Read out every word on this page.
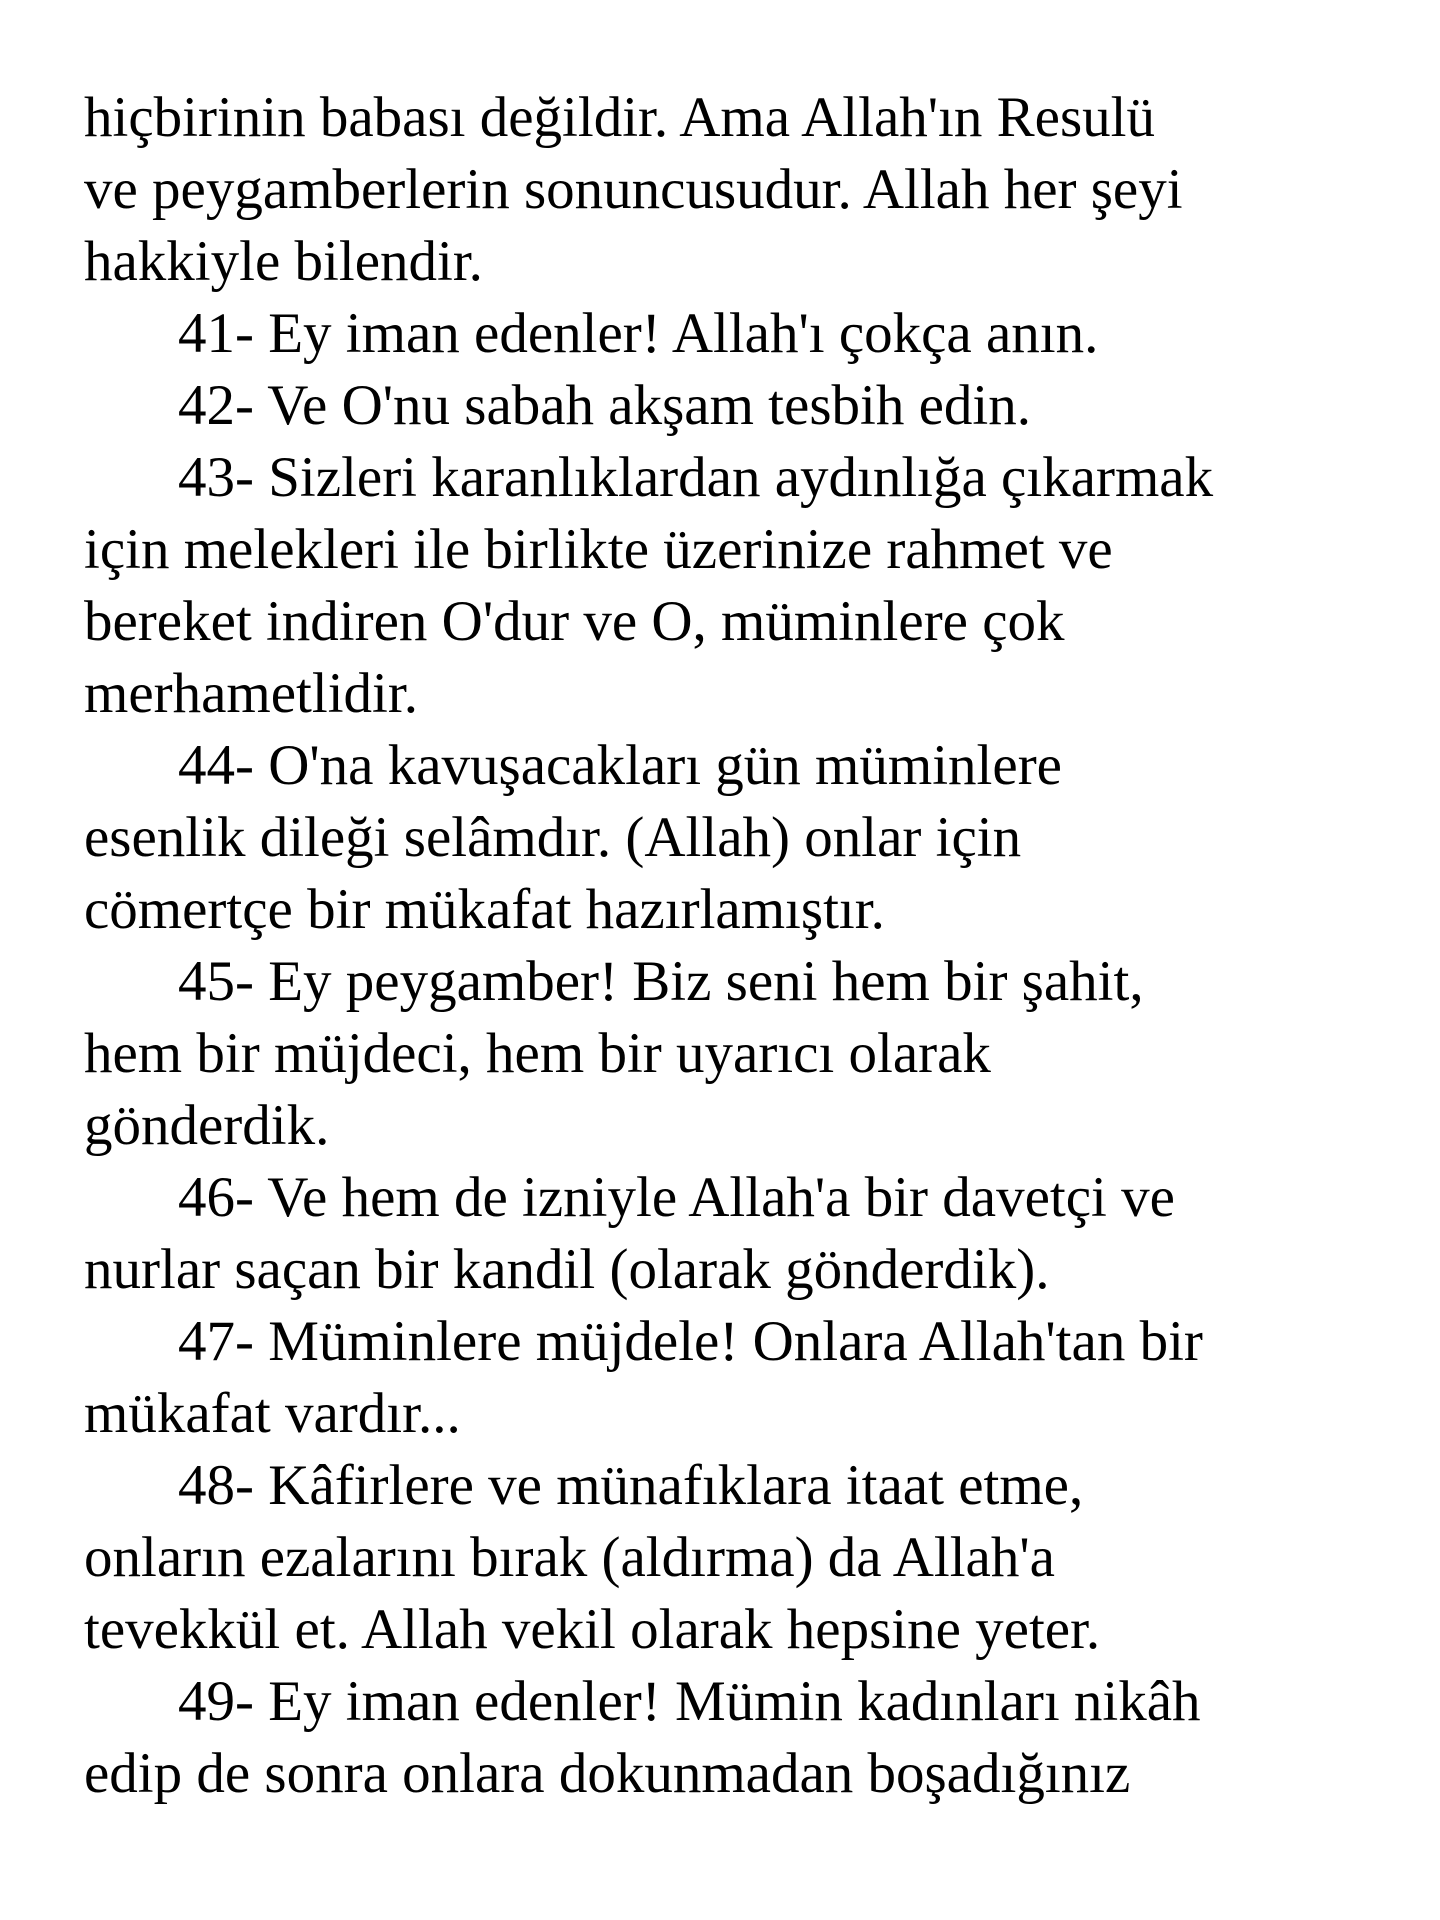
hiçbirinin babası değildir. Ama Allah'ın Resulü
ve peygamberlerin sonuncusudur. Allah her şeyi
hakkiyle bilendir.
41- Ey iman edenler! Allah'ı çokça anın.
42- Ve O'nu sabah akşam tesbih edin.
43- Sizleri karanlıklardan aydınlığa çıkarmak
için melekleri ile birlikte üzerinize rahmet ve
bereket indiren O'dur ve O, müminlere çok
merhametlidir.
44- O'na kavuşacakları gün müminlere
esenlik dileği selâmdır. (Allah) onlar için
cömertçe bir mükafat hazırlamıştır.
45- Ey peygamber! Biz seni hem bir şahit,
hem bir müjdeci, hem bir uyarıcı olarak
gönderdik.
46- Ve hem de izniyle Allah'a bir davetçi ve
nurlar saçan bir kandil (olarak gönderdik).
47- Müminlere müjdele! Onlara Allah'tan bir
mükafat vardır...
48- Kâfirlere ve münafıklara itaat etme,
onların ezalarını bırak (aldırma) da Allah'a
tevekkül et. Allah vekil olarak hepsine yeter.
49- Ey iman edenler! Mümin kadınları nikâh
edip de sonra onlara dokunmadan boşadığınız
